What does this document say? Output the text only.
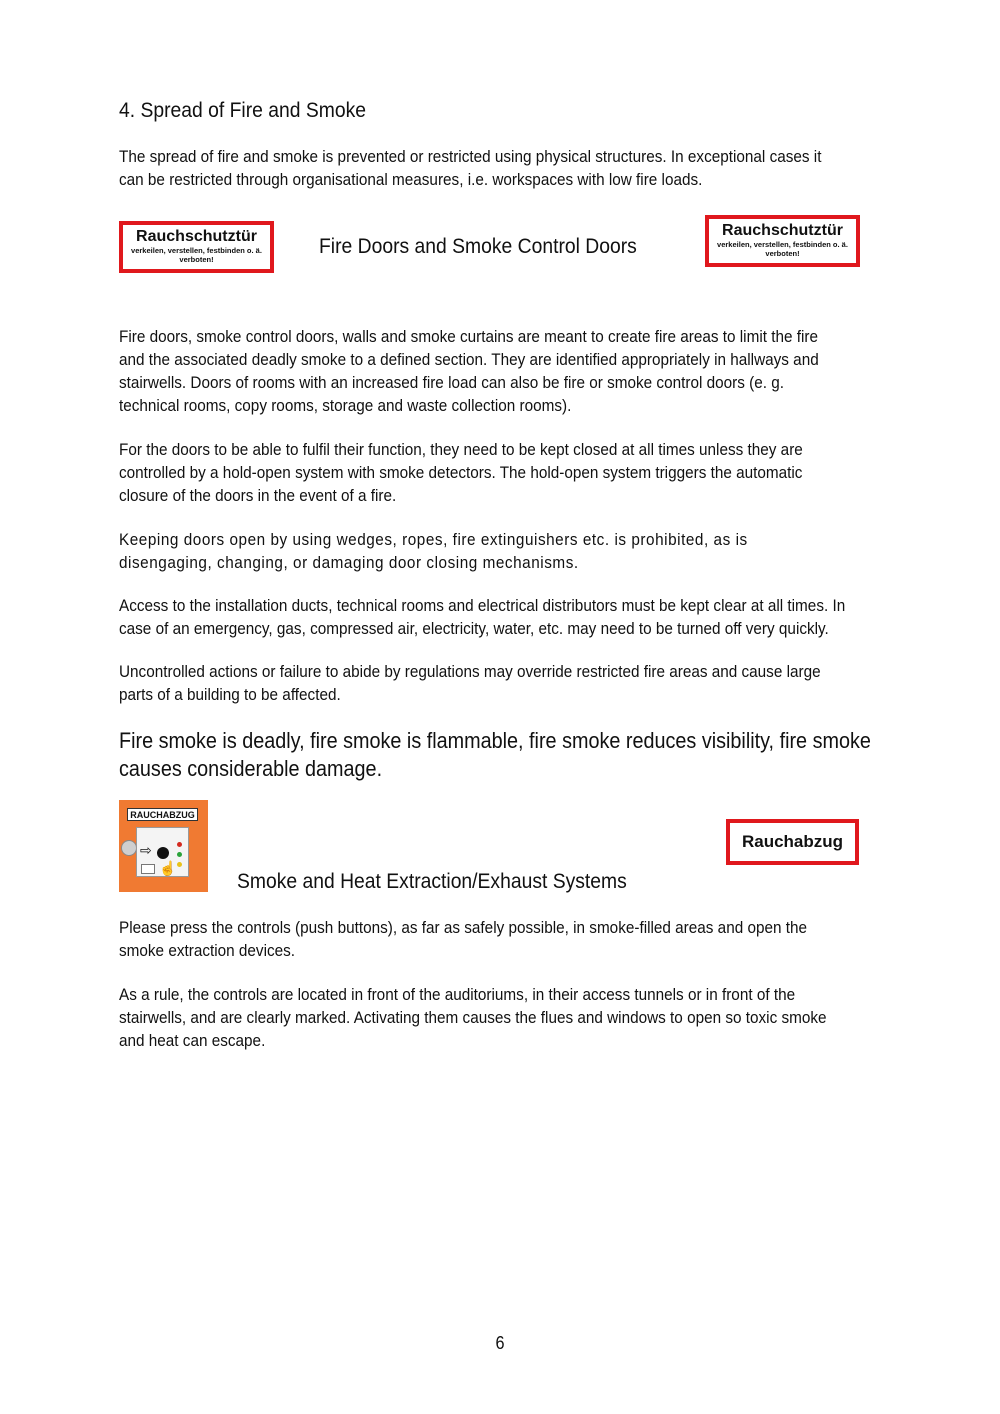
4. Spread of Fire and Smoke

The spread of fire and smoke is prevented or restricted using physical structures. In exceptional cases it
can be restricted through organisational measures, i.e. workspaces with low fire loads.

Rauchschutztür
verkeilen, verstellen, festbinden o. ä. verboten!
Fire Doors and Smoke Control Doors
Rauchschutztür
verkeilen, verstellen, festbinden o. ä. verboten!

Fire doors, smoke control doors, walls and smoke curtains are meant to create fire areas to limit the fire
and the associated deadly smoke to a defined section. They are identified appropriately in hallways and
stairwells. Doors of rooms with an increased fire load can also be fire or smoke control doors (e. g.
technical rooms, copy rooms, storage and waste collection rooms).

For the doors to be able to fulfil their function, they need to be kept closed at all times unless they are
controlled by a hold-open system with smoke detectors. The hold-open system triggers the automatic
closure of the doors in the event of a fire.

Keeping doors open by using wedges, ropes, fire extinguishers etc. is prohibited, as is
disengaging, changing, or damaging door closing mechanisms.

Access to the installation ducts, technical rooms and electrical distributors must be kept clear at all times. In
case of an emergency, gas, compressed air, electricity, water, etc. may need to be turned off very quickly.

Uncontrolled actions or failure to abide by regulations may override restricted fire areas and cause large
parts of a building to be affected.

Fire smoke is deadly, fire smoke is flammable, fire smoke reduces visibility, fire smoke
causes considerable damage.

RAUCHABZUG
⇨
☝
Rauchabzug
Smoke and Heat Extraction/Exhaust Systems

Please press the controls (push buttons), as far as safely possible, in smoke-filled areas and open the
smoke extraction devices.

As a rule, the controls are located in front of the auditoriums, in their access tunnels or in front of the
stairwells, and are clearly marked. Activating them causes the flues and windows to open so toxic smoke
and heat can escape.

6
